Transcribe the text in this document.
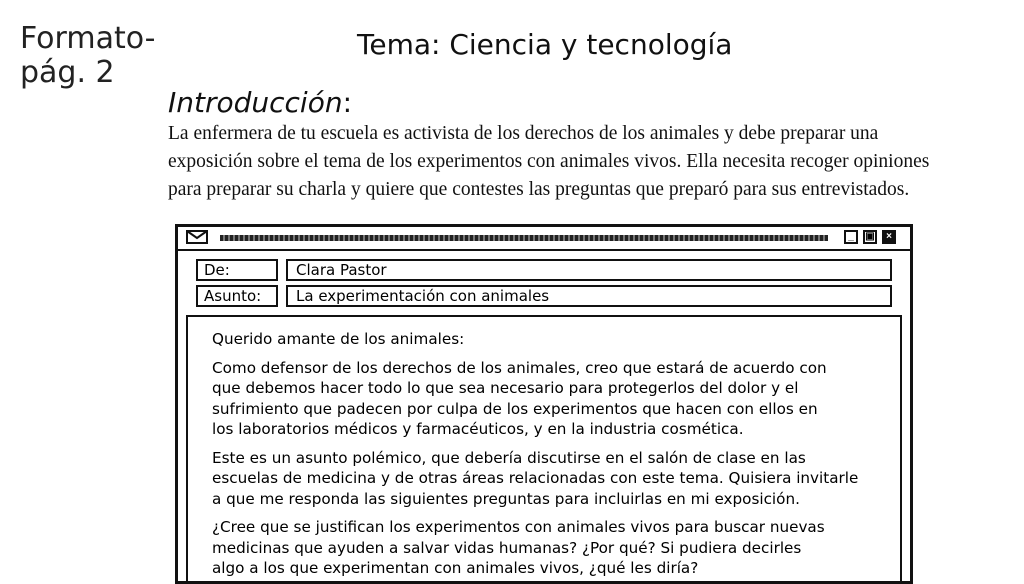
Formato-
pág. 2
Tema: Ciencia y tecnología
Introducción:
La enfermera de tu escuela es activista de los derechos de los animales y debe preparar una
exposición sobre el tema de los experimentos con animales vivos. Ella necesita recoger opiniones
para preparar su charla y quiere que contestes las preguntas que preparó para sus entrevistados.
_	▣	×
De:	Clara Pastor
Asunto:	La experimentación con animales

Querido amante de los animales:

Como defensor de los derechos de los animales, creo que estará de acuerdo con
que debemos hacer todo lo que sea necesario para protegerlos del dolor y el
sufrimiento que padecen por culpa de los experimentos que hacen con ellos en
los laboratorios médicos y farmacéuticos, y en la industria cosmética.

Este es un asunto polémico, que debería discutirse en el salón de clase en las
escuelas de medicina y de otras áreas relacionadas con este tema. Quisiera invitarle
a que me responda las siguientes preguntas para incluirlas en mi exposición.

¿Cree que se justifican los experimentos con animales vivos para buscar nuevas
medicinas que ayuden a salvar vidas humanas? ¿Por qué? Si pudiera decirles
algo a los que experimentan con animales vivos, ¿qué les diría?
